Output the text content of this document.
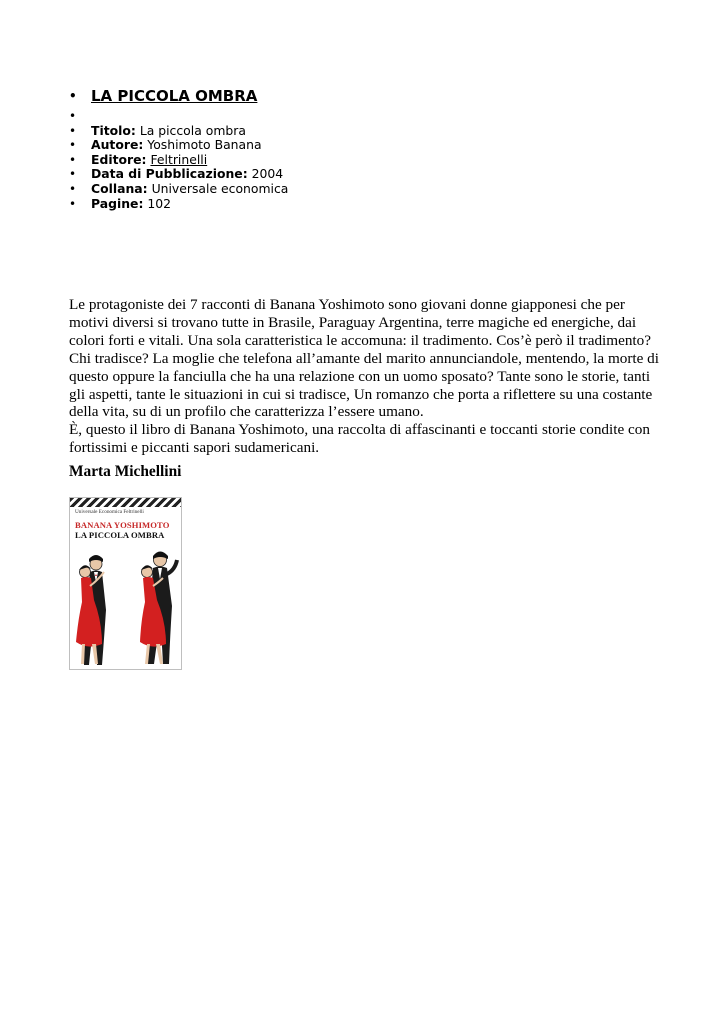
• LA PICCOLA OMBRA
•
• Titolo: La piccola ombra
• Autore: Yoshimoto Banana
• Editore: Feltrinelli
• Data di Pubblicazione: 2004
• Collana: Universale economica
• Pagine: 102

Le protagoniste dei 7 racconti di Banana Yoshimoto sono giovani donne giapponesi che per motivi diversi si trovano tutte in Brasile, Paraguay Argentina, terre magiche ed energiche, dai colori forti e vitali. Una sola caratteristica le accomuna: il tradimento. Cos’è però il tradimento? Chi tradisce? La moglie che telefona all’amante del marito annunciandole, mentendo, la morte di questo oppure la fanciulla che ha una relazione con un uomo sposato? Tante sono le storie, tanti gli aspetti, tante le situazioni in cui si tradisce, Un romanzo che porta a riflettere su una costante della vita, su di un profilo che caratterizza l’essere umano.
È, questo il libro di Banana Yoshimoto, una raccolta di affascinanti e toccanti storie condite con fortissimi e piccanti sapori sudamericani.

Marta Michellini

Universale Economica Feltrinelli
BANANA YOSHIMOTO
LA PICCOLA OMBRA
